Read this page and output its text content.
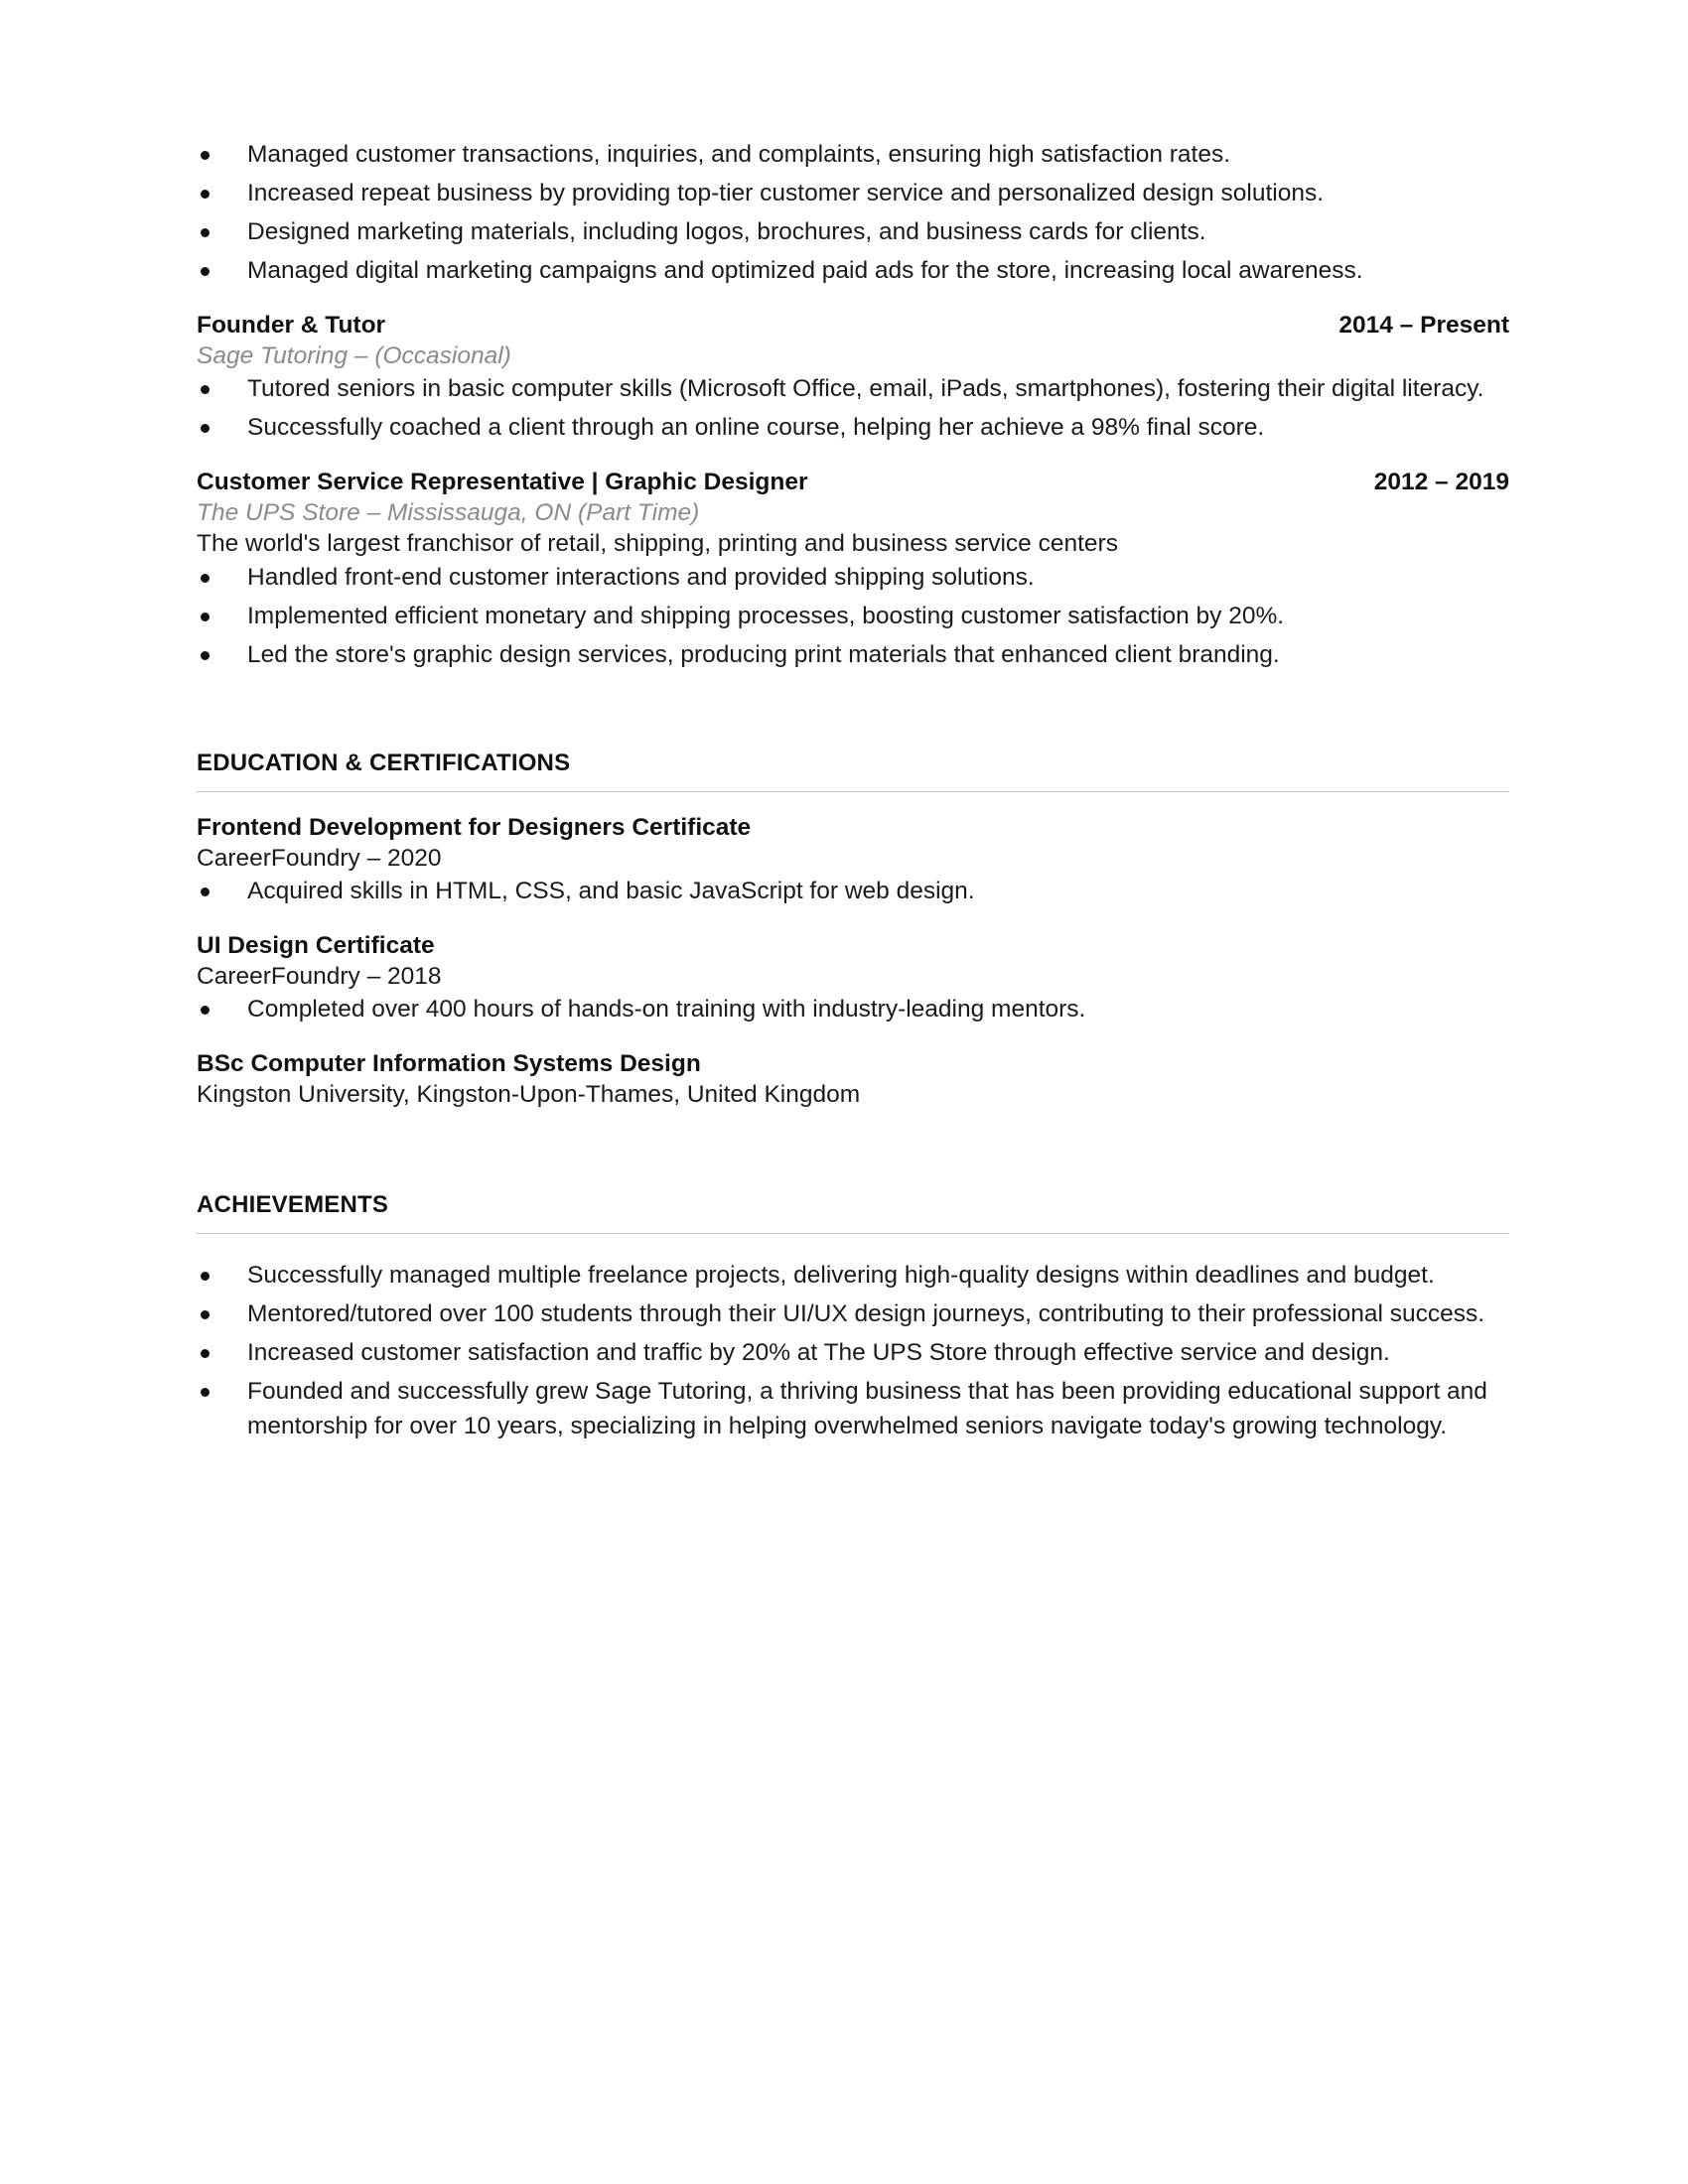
Managed customer transactions, inquiries, and complaints, ensuring high satisfaction rates.
Increased repeat business by providing top-tier customer service and personalized design solutions.
Designed marketing materials, including logos, brochures, and business cards for clients.
Managed digital marketing campaigns and optimized paid ads for the store, increasing local awareness.
Founder & Tutor	2014 – Present
Sage Tutoring – (Occasional)
Tutored seniors in basic computer skills (Microsoft Office, email, iPads, smartphones), fostering their digital literacy.
Successfully coached a client through an online course, helping her achieve a 98% final score.
Customer Service Representative | Graphic Designer	2012 – 2019
The UPS Store – Mississauga, ON (Part Time)
The world's largest franchisor of retail, shipping, printing and business service centers
Handled front-end customer interactions and provided shipping solutions.
Implemented efficient monetary and shipping processes, boosting customer satisfaction by 20%.
Led the store's graphic design services, producing print materials that enhanced client branding.
EDUCATION & CERTIFICATIONS
Frontend Development for Designers Certificate
CareerFoundry – 2020
Acquired skills in HTML, CSS, and basic JavaScript for web design.
UI Design Certificate
CareerFoundry – 2018
Completed over 400 hours of hands-on training with industry-leading mentors.
BSc Computer Information Systems Design
Kingston University, Kingston-Upon-Thames, United Kingdom
ACHIEVEMENTS
Successfully managed multiple freelance projects, delivering high-quality designs within deadlines and budget.
Mentored/tutored over 100 students through their UI/UX design journeys, contributing to their professional success.
Increased customer satisfaction and traffic by 20% at The UPS Store through effective service and design.
Founded and successfully grew Sage Tutoring, a thriving business that has been providing educational support and mentorship for over 10 years, specializing in helping overwhelmed seniors navigate today's growing technology.
